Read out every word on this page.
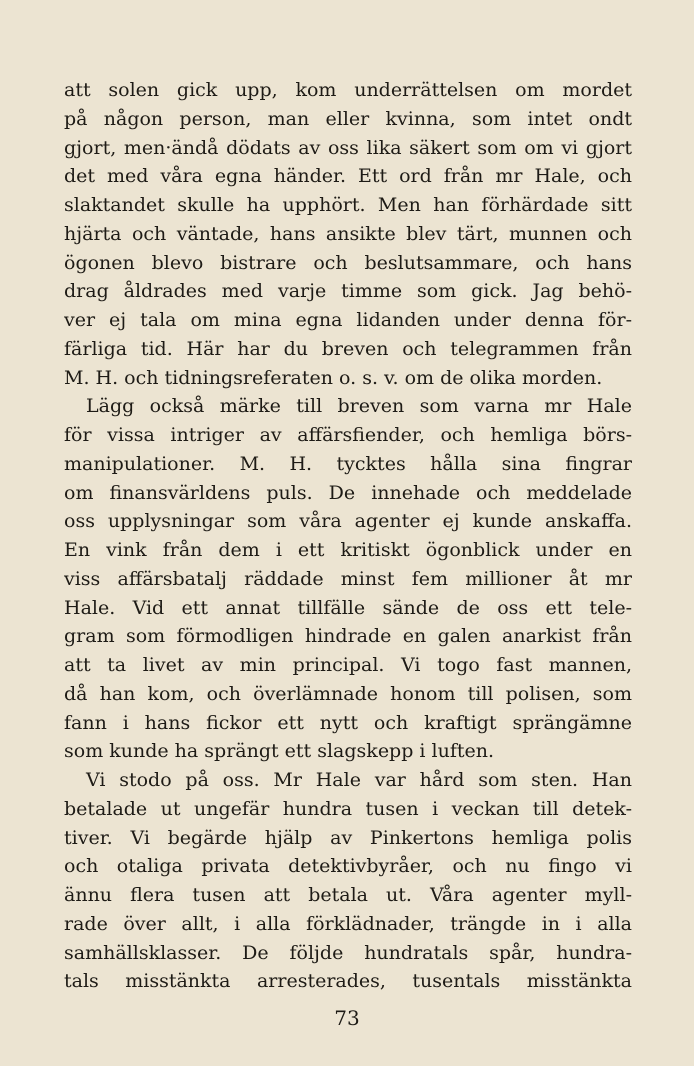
att solen gick upp, kom underrättelsen om mordet
på någon person, man eller kvinna, som intet ondt
gjort, men·ändå dödats av oss lika säkert som om vi gjort
det med våra egna händer. Ett ord från mr Hale, och
slaktandet skulle ha upphört. Men han förhärdade sitt
hjärta och väntade, hans ansikte blev tärt, munnen och
ögonen blevo bistrare och beslutsammare, och hans
drag åldrades med varje timme som gick. Jag behö-
ver ej tala om mina egna lidanden under denna för-
färliga tid. Här har du breven och telegrammen från
M. H. och tidningsreferaten o. s. v. om de olika morden.
Lägg också märke till breven som varna mr Hale
för vissa intriger av affärsfiender, och hemliga börs-
manipulationer. M. H. tycktes hålla sina fingrar
om finansvärldens puls. De innehade och meddelade
oss upplysningar som våra agenter ej kunde anskaffa.
En vink från dem i ett kritiskt ögonblick under en
viss affärsbatalj räddade minst fem millioner åt mr
Hale. Vid ett annat tillfälle sände de oss ett tele-
gram som förmodligen hindrade en galen anarkist från
att ta livet av min principal. Vi togo fast mannen,
då han kom, och överlämnade honom till polisen, som
fann i hans fickor ett nytt och kraftigt sprängämne
som kunde ha sprängt ett slagskepp i luften.
Vi stodo på oss. Mr Hale var hård som sten. Han
betalade ut ungefär hundra tusen i veckan till detek-
tiver. Vi begärde hjälp av Pinkertons hemliga polis
och otaliga privata detektivbyråer, och nu fingo vi
ännu flera tusen att betala ut. Våra agenter myll-
rade över allt, i alla förklädnader, trängde in i alla
samhällsklasser. De följde hundratals spår, hundra-
tals misstänkta arresterades, tusentals misstänkta
73
